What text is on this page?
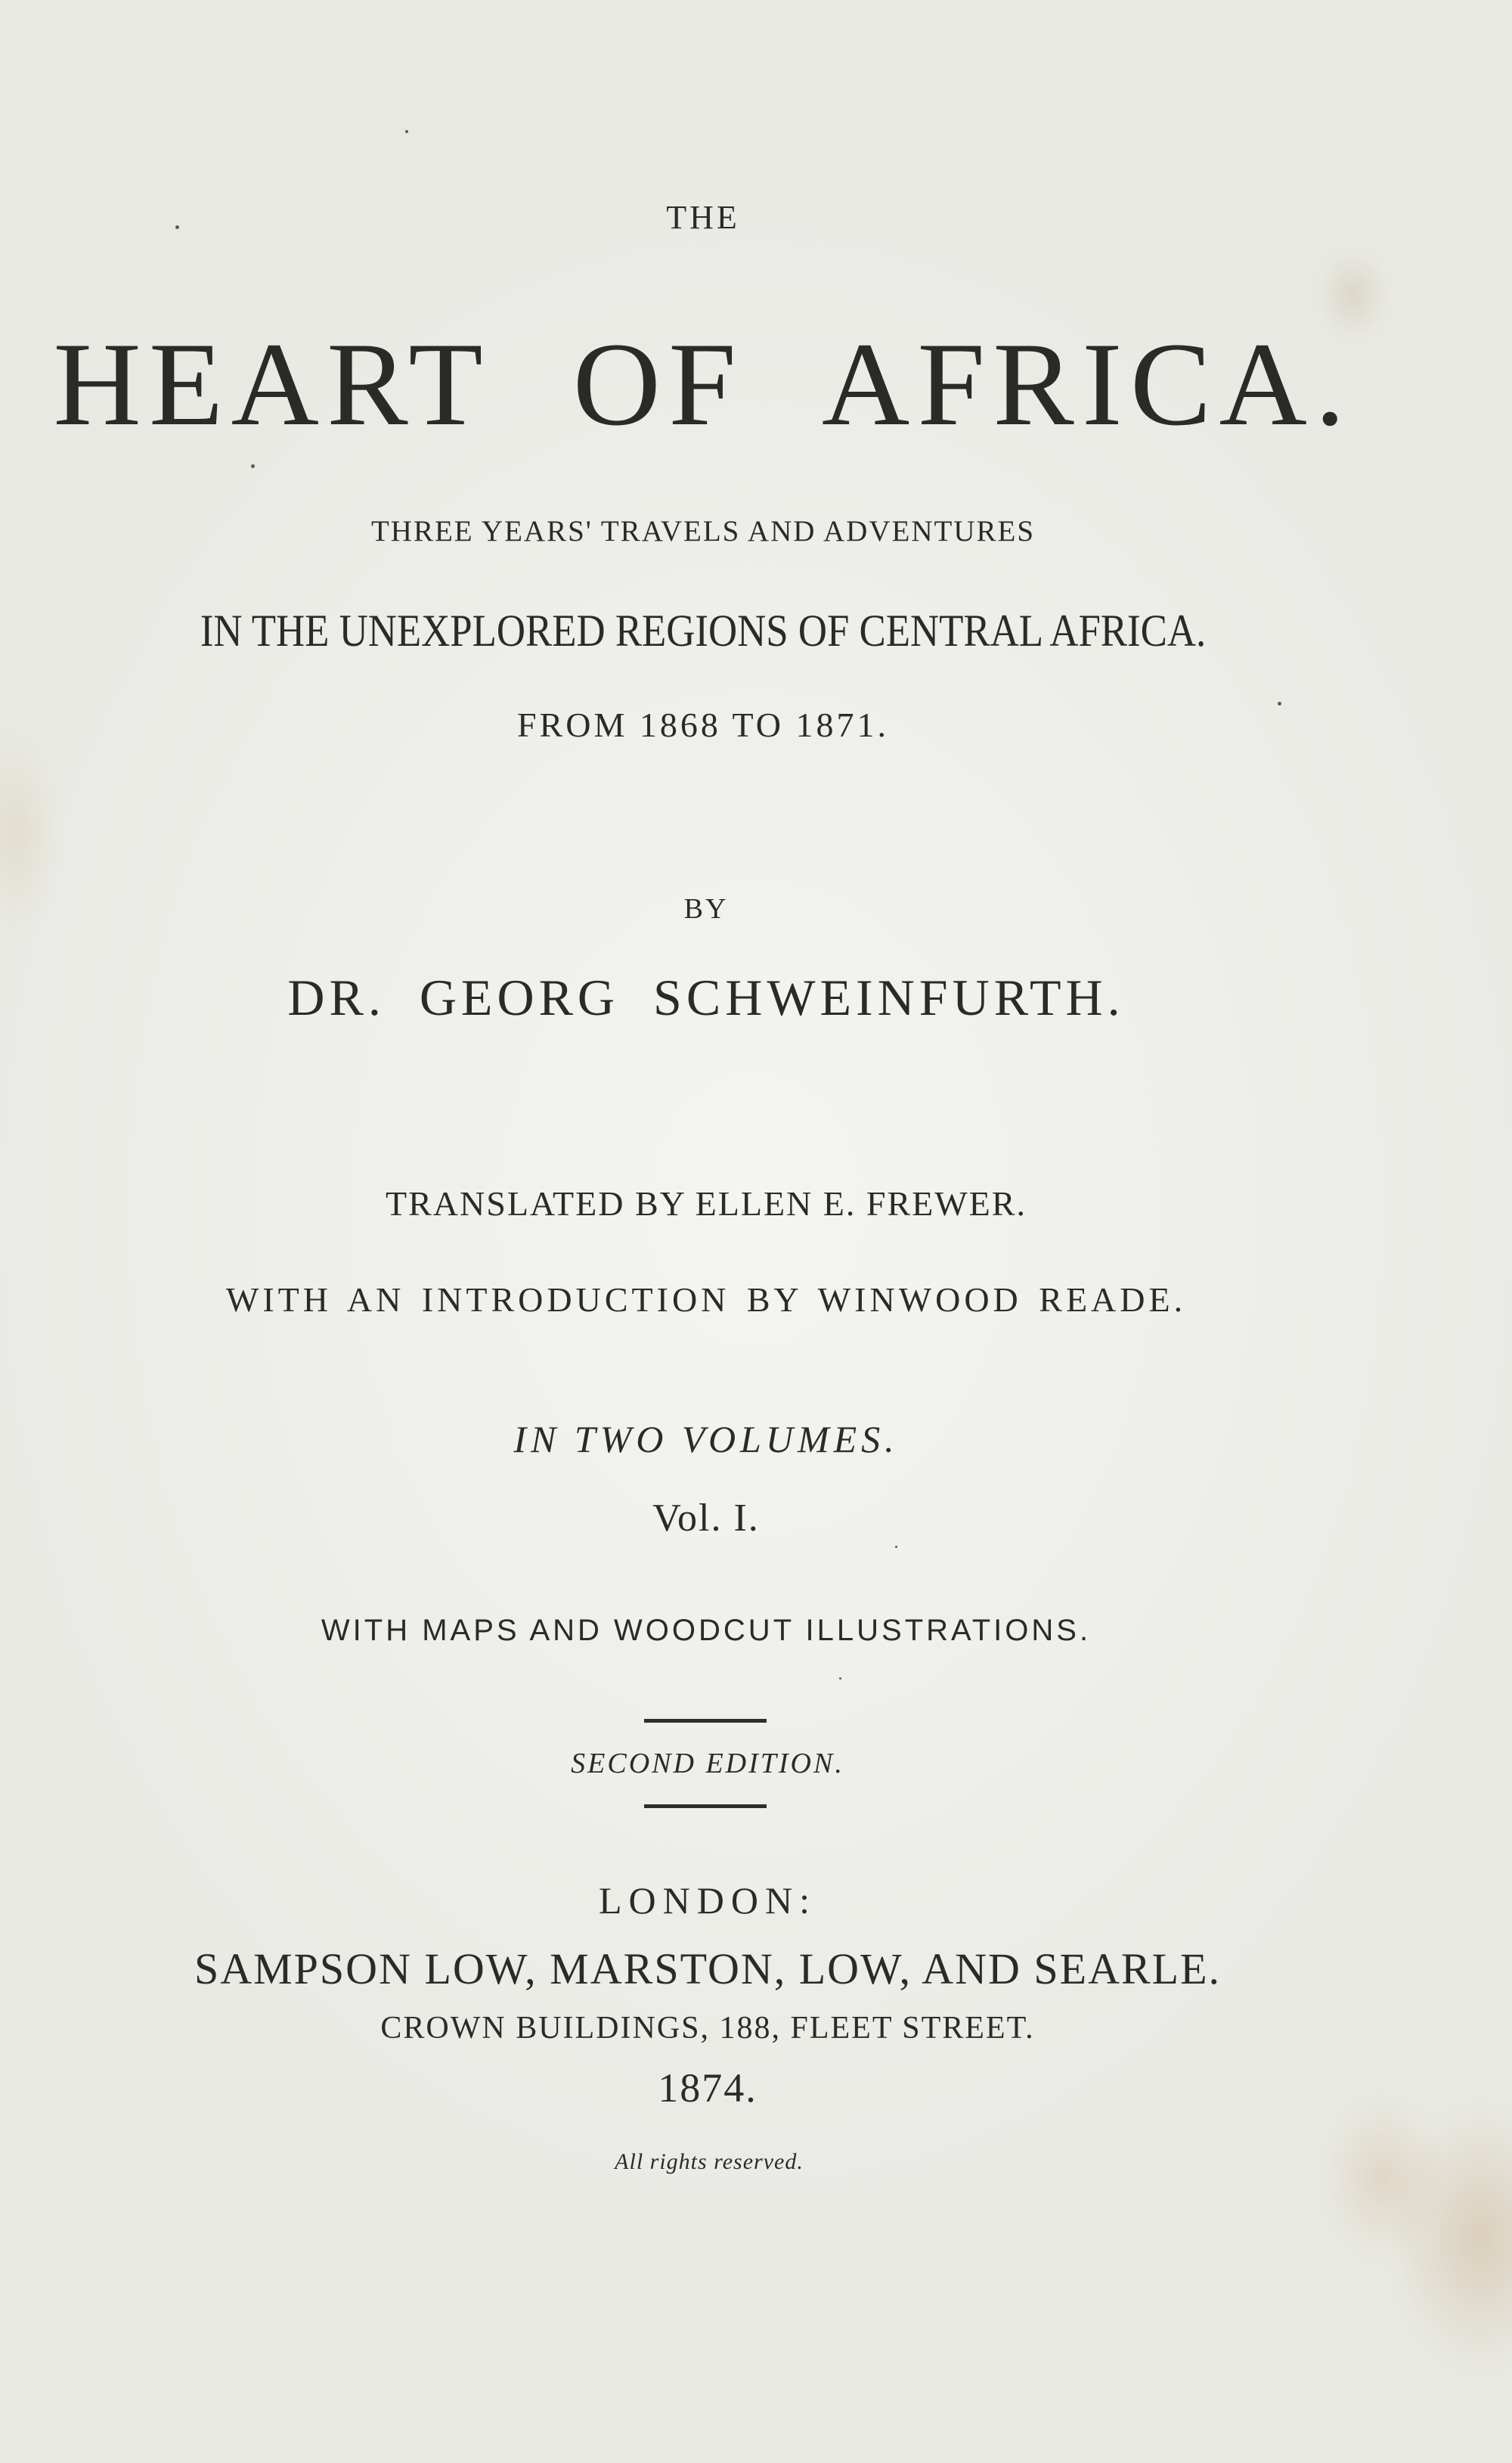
THE
HEART OF AFRICA.
THREE YEARS' TRAVELS AND ADVENTURES
IN THE UNEXPLORED REGIONS OF CENTRAL AFRICA.
FROM 1868 TO 1871.
BY
DR. GEORG SCHWEINFURTH.
TRANSLATED BY ELLEN E. FREWER.
WITH AN INTRODUCTION BY WINWOOD READE.
IN TWO VOLUMES.
Vol. I.
WITH MAPS AND WOODCUT ILLUSTRATIONS.
SECOND EDITION.
LONDON:
SAMPSON LOW, MARSTON, LOW, AND SEARLE.
CROWN BUILDINGS, 188, FLEET STREET.
1874.
All rights reserved.
